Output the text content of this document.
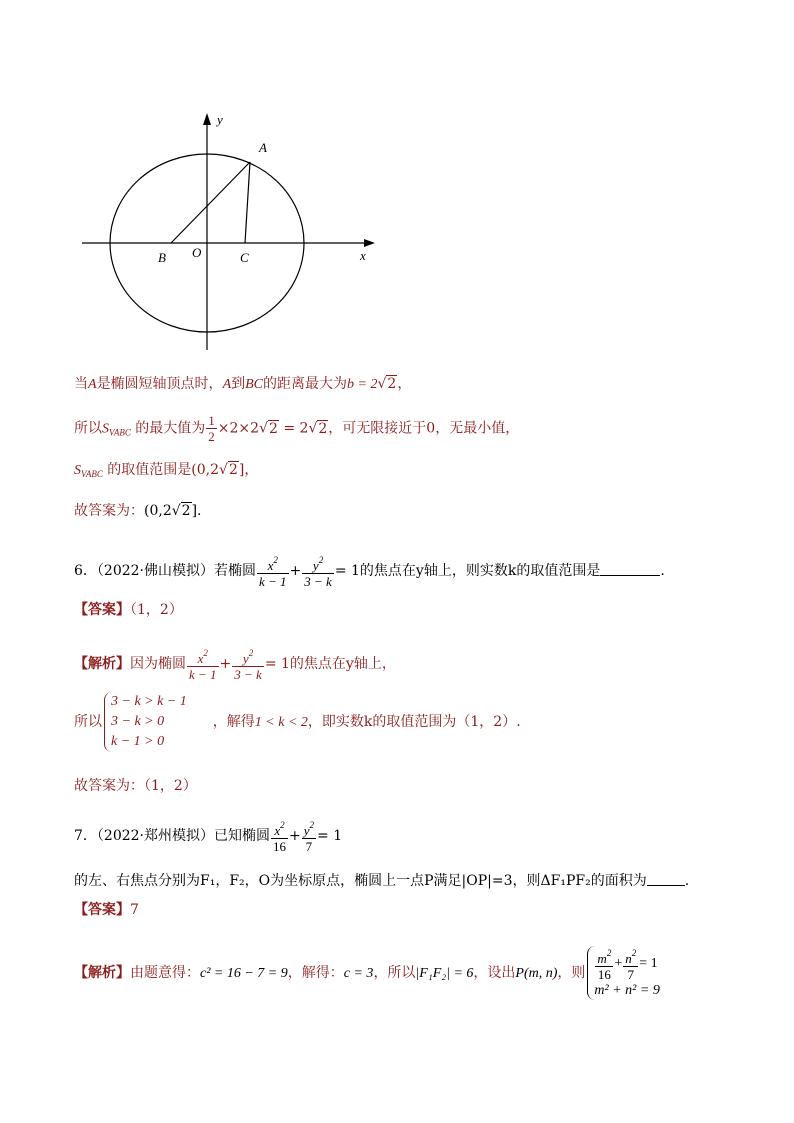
y
x
A
B O	C
当A是椭圆短轴顶点时，A到BC的距离最大为b = 2√2，
所以$S_{VABC}$ 的最大值为 $\frac{1}{2} \times 2\times 2√2 = 2√2$，可无限接近于0，无最小值，
$S_{VABC}$ 的取值范围是(0,2√2]，
故答案为：(0,2√2].
6．（2022·佛山模拟）若椭圆 $\frac{x^2}{k - 1} + \frac{y^2}{3 - k} = 1$的焦点在y轴上，则实数k的取值范围是	.
【答案】（1，2）
【解析】因为椭圆 $\frac{x^2}{k - 1} + \frac{y^2}{3 - k} = 1$的焦点在y轴上，
所以
3 − k > k − 1
3 − k > 0
k − 1 > 0
，解得1 < k < 2，即实数k的取值范围为（1，2）.
故答案为：（1，2）
7．（2022·郑州模拟）已知椭圆 $\frac{x^2}{16} + \frac{y^2}{7} = 1$
的左、右焦点分别为F₁，F₂，O为坐标原点，椭圆上一点P满足|OP|=3，则ΔF₁PF₂的面积为	.
【答案】7
【解析】由题意得：c² = 16 − 7 = 9，解得：c = 3，所以|F₁F₂| = 6，设出P(m, n)，则 $\frac{m^2}{16} + \frac{n^2}{7} = 1$
m² + n² = 9
